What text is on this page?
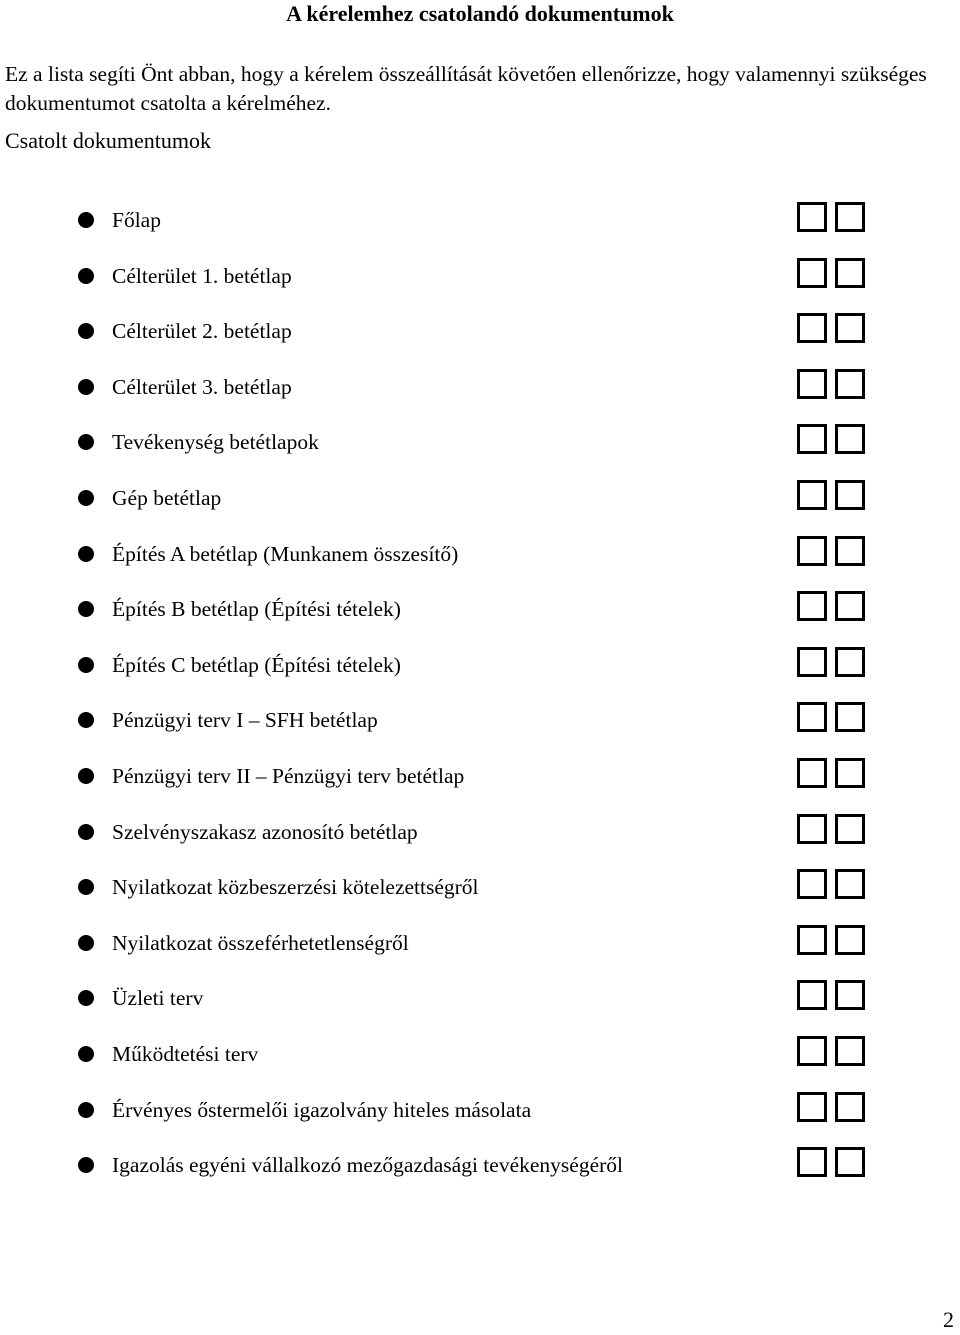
A kérelemhez csatolandó dokumentumok
Ez a lista segíti Önt abban, hogy a kérelem összeállítását követően ellenőrizze, hogy valamennyi szükséges dokumentumot csatolta a kérelméhez.
Csatolt dokumentumok
Főlap
Célterület 1. betétlap
Célterület 2. betétlap
Célterület 3. betétlap
Tevékenység betétlapok
Gép betétlap
Építés A betétlap (Munkanem összesítő)
Építés B betétlap (Építési tételek)
Építés C betétlap (Építési tételek)
Pénzügyi terv I – SFH betétlap
Pénzügyi terv II – Pénzügyi terv betétlap
Szelvényszakasz azonosító betétlap
Nyilatkozat közbeszerzési kötelezettségről
Nyilatkozat összeférhetetlenségről
Üzleti terv
Működtetési terv
Érvényes őstermelői igazolvány hiteles másolata
Igazolás egyéni vállalkozó mezőgazdasági tevékenységéről
2
